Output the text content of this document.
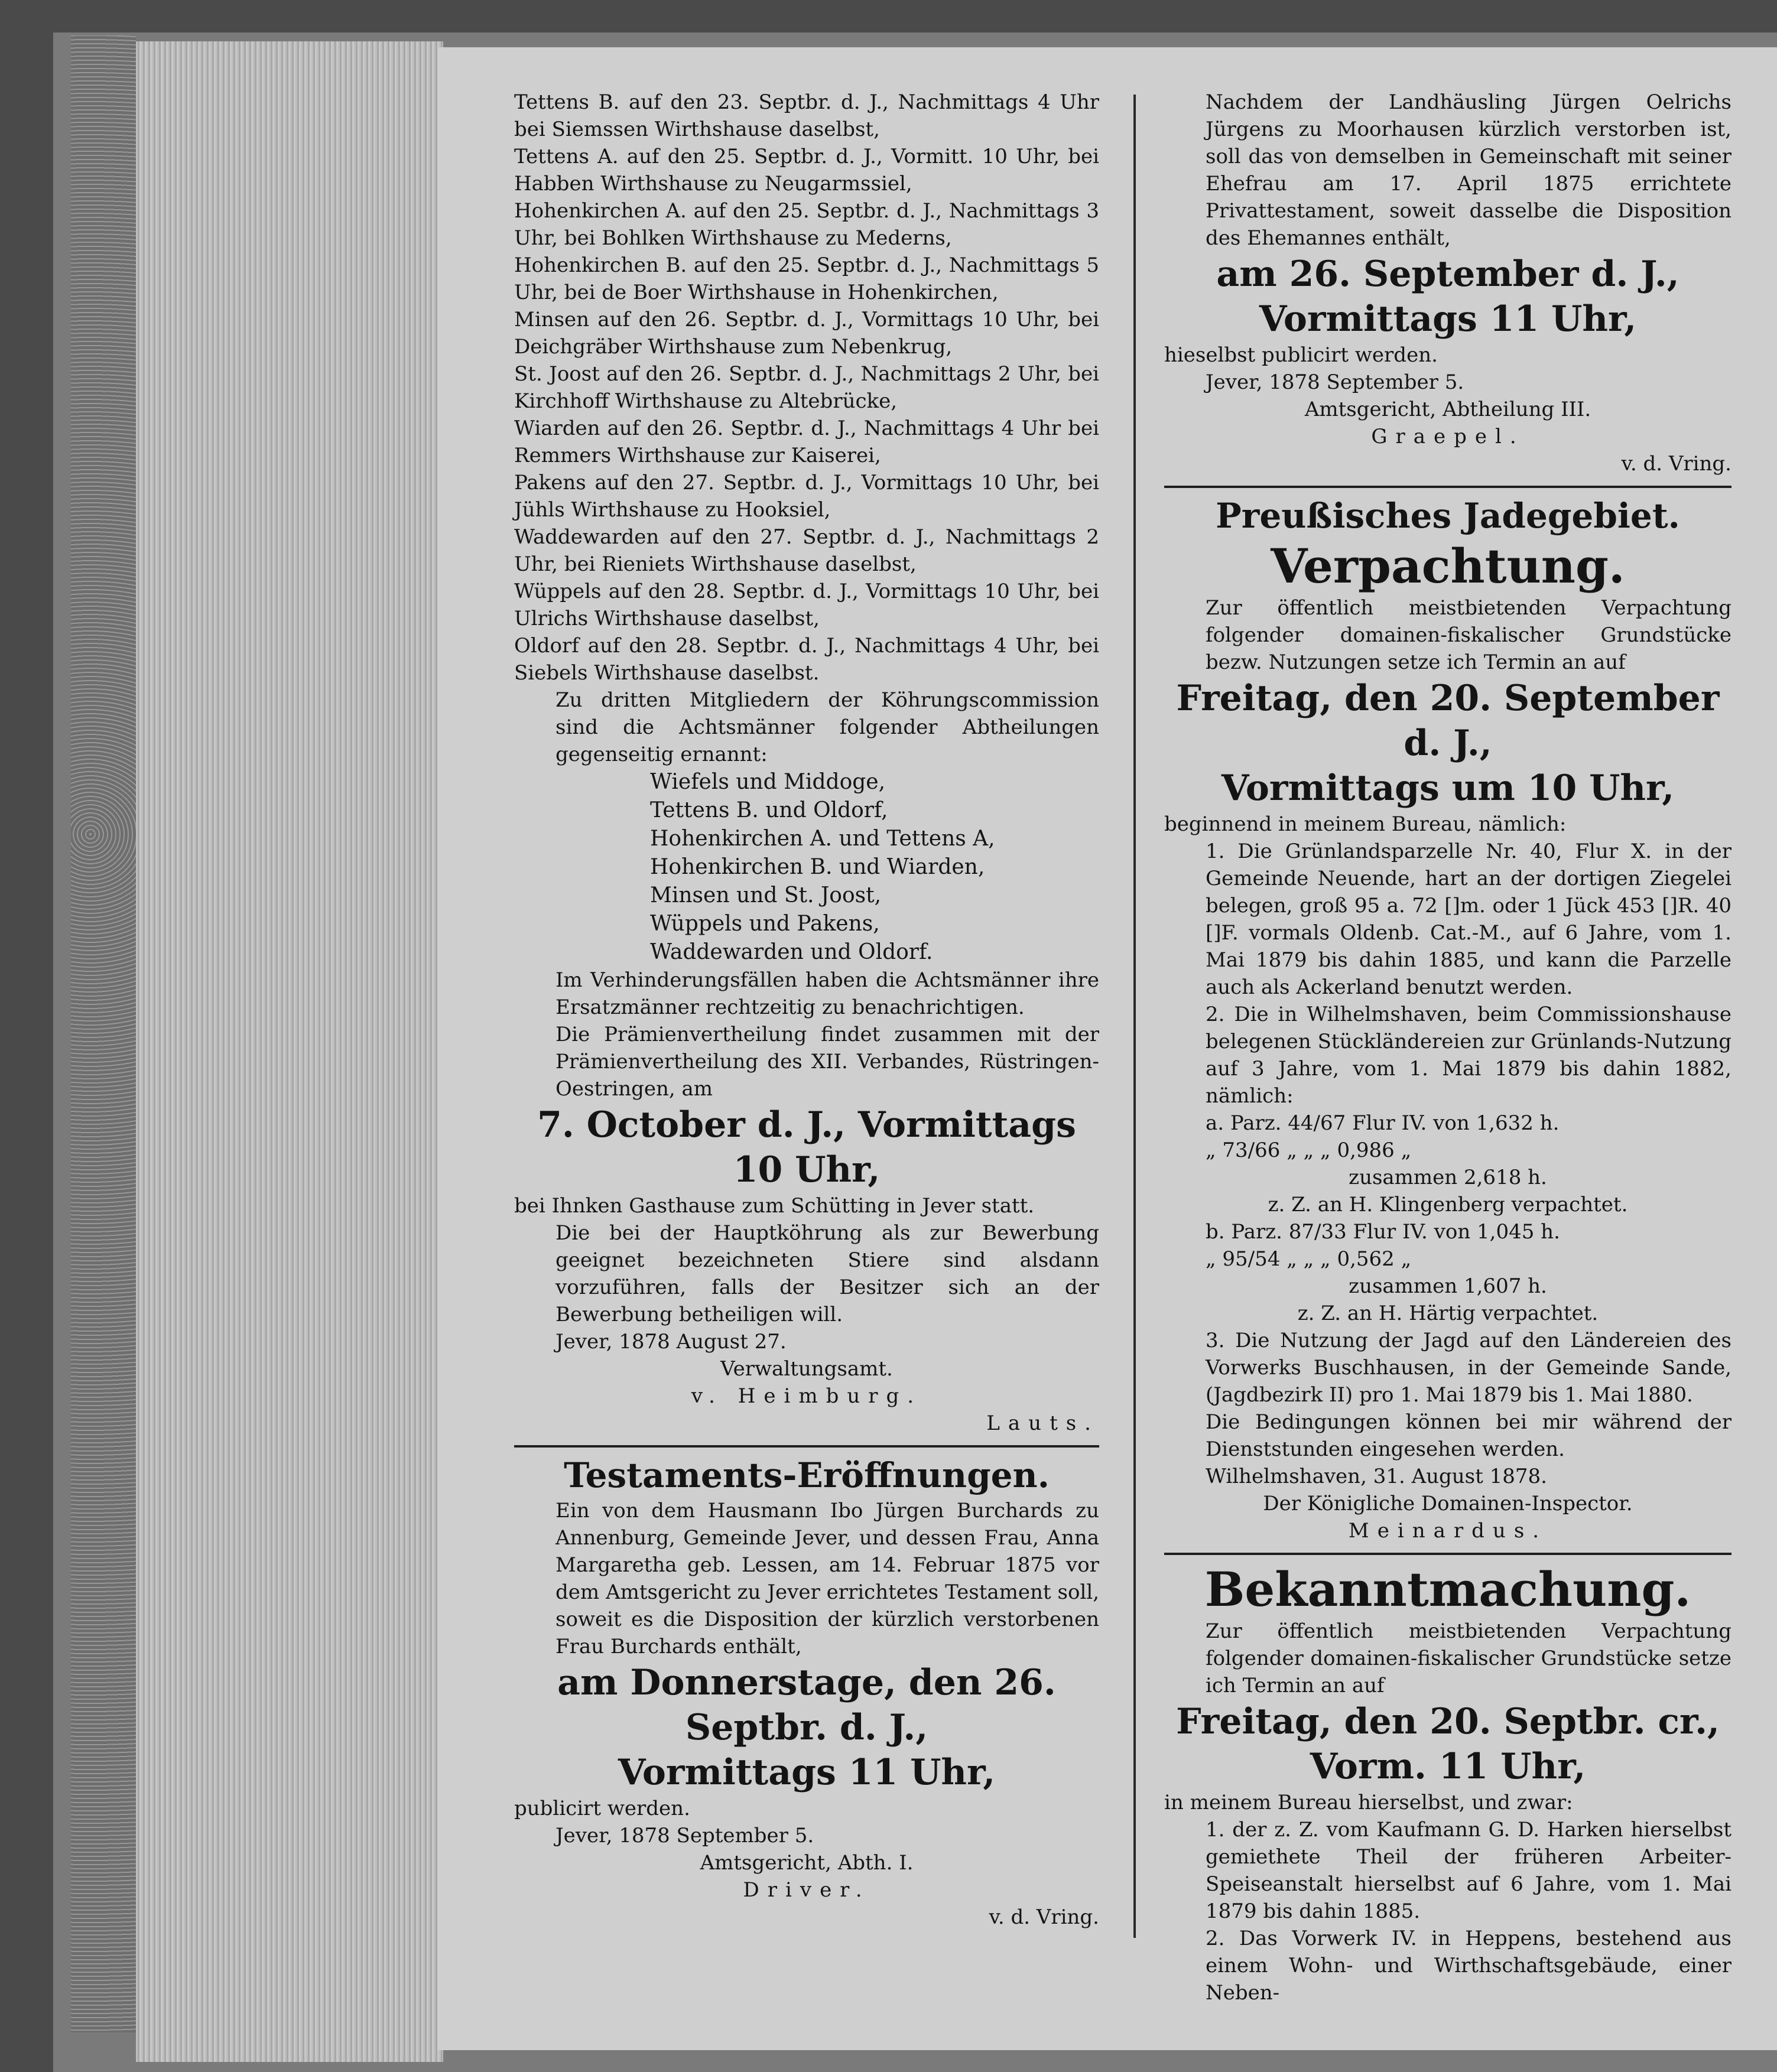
Tettens B. auf den 23. Septbr. d. J., Nachmittags 4 Uhr bei Siemssen Wirthshause daselbst,

Tettens A. auf den 25. Septbr. d. J., Vormitt. 10 Uhr, bei Habben Wirthshause zu Neugarmssiel,

Hohenkirchen A. auf den 25. Septbr. d. J., Nachmittags 3 Uhr, bei Bohlken Wirthshause zu Mederns,

Hohenkirchen B. auf den 25. Septbr. d. J., Nachmittags 5 Uhr, bei de Boer Wirthshause in Hohenkirchen,

Minsen auf den 26. Septbr. d. J., Vormittags 10 Uhr, bei Deichgräber Wirthshause zum Nebenkrug,

St. Joost auf den 26. Septbr. d. J., Nachmittags 2 Uhr, bei Kirchhoff Wirthshause zu Altebrücke,

Wiarden auf den 26. Septbr. d. J., Nachmittags 4 Uhr bei Remmers Wirthshause zur Kaiserei,

Pakens auf den 27. Septbr. d. J., Vormittags 10 Uhr, bei Jühls Wirthshause zu Hooksiel,

Waddewarden auf den 27. Septbr. d. J., Nachmittags 2 Uhr, bei Rieniets Wirthshause daselbst,

Wüppels auf den 28. Septbr. d. J., Vormittags 10 Uhr, bei Ulrichs Wirthshause daselbst,

Oldorf auf den 28. Septbr. d. J., Nachmittags 4 Uhr, bei Siebels Wirthshause daselbst.

Zu dritten Mitgliedern der Köhrungscommission sind die Achtsmänner folgender Abtheilungen gegenseitig ernannt:

Wiefels und Middoge,

Tettens B. und Oldorf,

Hohenkirchen A. und Tettens A,

Hohenkirchen B. und Wiarden,

Minsen und St. Joost,

Wüppels und Pakens,

Waddewarden und Oldorf.

Im Verhinderungsfällen haben die Achtsmänner ihre Ersatzmänner rechtzeitig zu benachrichtigen.

Die Prämienvertheilung findet zusammen mit der Prämienvertheilung des XII. Verbandes, Rüstringen-Oestringen, am

7. October d. J., Vormittags 10 Uhr,

bei Ihnken Gasthause zum Schütting in Jever statt.

Die bei der Hauptköhrung als zur Bewerbung geeignet bezeichneten Stiere sind alsdann vorzuführen, falls der Besitzer sich an der Bewerbung betheiligen will.

Jever, 1878 August 27.

Verwaltungsamt.

v. Heimburg.

Lauts.

Testaments-Eröffnungen.

Ein von dem Hausmann Ibo Jürgen Burchards zu Annenburg, Gemeinde Jever, und dessen Frau, Anna Margaretha geb. Lessen, am 14. Februar 1875 vor dem Amtsgericht zu Jever errichtetes Testament soll, soweit es die Disposition der kürzlich verstorbenen Frau Burchards enthält,

am Donnerstage, den 26. Septbr. d. J.,

Vormittags 11 Uhr,

publicirt werden.

Jever, 1878 September 5.

Amtsgericht, Abth. I.

Driver.

v. d. Vring.

Nachdem der Landhäusling Jürgen Oelrichs Jürgens zu Moorhausen kürzlich verstorben ist, soll das von demselben in Gemeinschaft mit seiner Ehefrau am 17. April 1875 errichtete Privattestament, soweit dasselbe die Disposition des Ehemannes enthält,

am 26. September d. J.,

Vormittags 11 Uhr,

hieselbst publicirt werden.

Jever, 1878 September 5.

Amtsgericht, Abtheilung III.

Graepel.

v. d. Vring.

Preußisches Jadegebiet.

Verpachtung.

Zur öffentlich meistbietenden Verpachtung folgender domainen-fiskalischer Grundstücke bezw. Nutzungen setze ich Termin an auf

Freitag, den 20. September d. J.,

Vormittags um 10 Uhr,

beginnend in meinem Bureau, nämlich:

1. Die Grünlandsparzelle Nr. 40, Flur X. in der Gemeinde Neuende, hart an der dortigen Ziegelei belegen, groß 95 a. 72 []m. oder 1 Jück 453 []R. 40 []F. vormals Oldenb. Cat.-M., auf 6 Jahre, vom 1. Mai 1879 bis dahin 1885, und kann die Parzelle auch als Ackerland benutzt werden.

2. Die in Wilhelmshaven, beim Commissionshause belegenen Stückländereien zur Grünlands-Nutzung auf 3 Jahre, vom 1. Mai 1879 bis dahin 1882, nämlich:

a. Parz. 44/67 Flur IV. von 1,632 h.

„ 73/66 „ „ „ 0,986 „

zusammen 2,618 h.

z. Z. an H. Klingenberg verpachtet.

b. Parz. 87/33 Flur IV. von 1,045 h.

„ 95/54 „ „ „ 0,562 „

zusammen 1,607 h.

z. Z. an H. Härtig verpachtet.

3. Die Nutzung der Jagd auf den Ländereien des Vorwerks Buschhausen, in der Gemeinde Sande, (Jagdbezirk II) pro 1. Mai 1879 bis 1. Mai 1880.

Die Bedingungen können bei mir während der Dienststunden eingesehen werden.

Wilhelmshaven, 31. August 1878.

Der Königliche Domainen-Inspector.

Meinardus.

Bekanntmachung.

Zur öffentlich meistbietenden Verpachtung folgender domainen-fiskalischer Grundstücke setze ich Termin an auf

Freitag, den 20. Septbr. cr.,

Vorm. 11 Uhr,

in meinem Bureau hierselbst, und zwar:

1. der z. Z. vom Kaufmann G. D. Harken hierselbst gemiethete Theil der früheren Arbeiter-Speiseanstalt hierselbst auf 6 Jahre, vom 1. Mai 1879 bis dahin 1885.

2. Das Vorwerk IV. in Heppens, bestehend aus einem Wohn- und Wirthschaftsgebäude, einer Neben-
